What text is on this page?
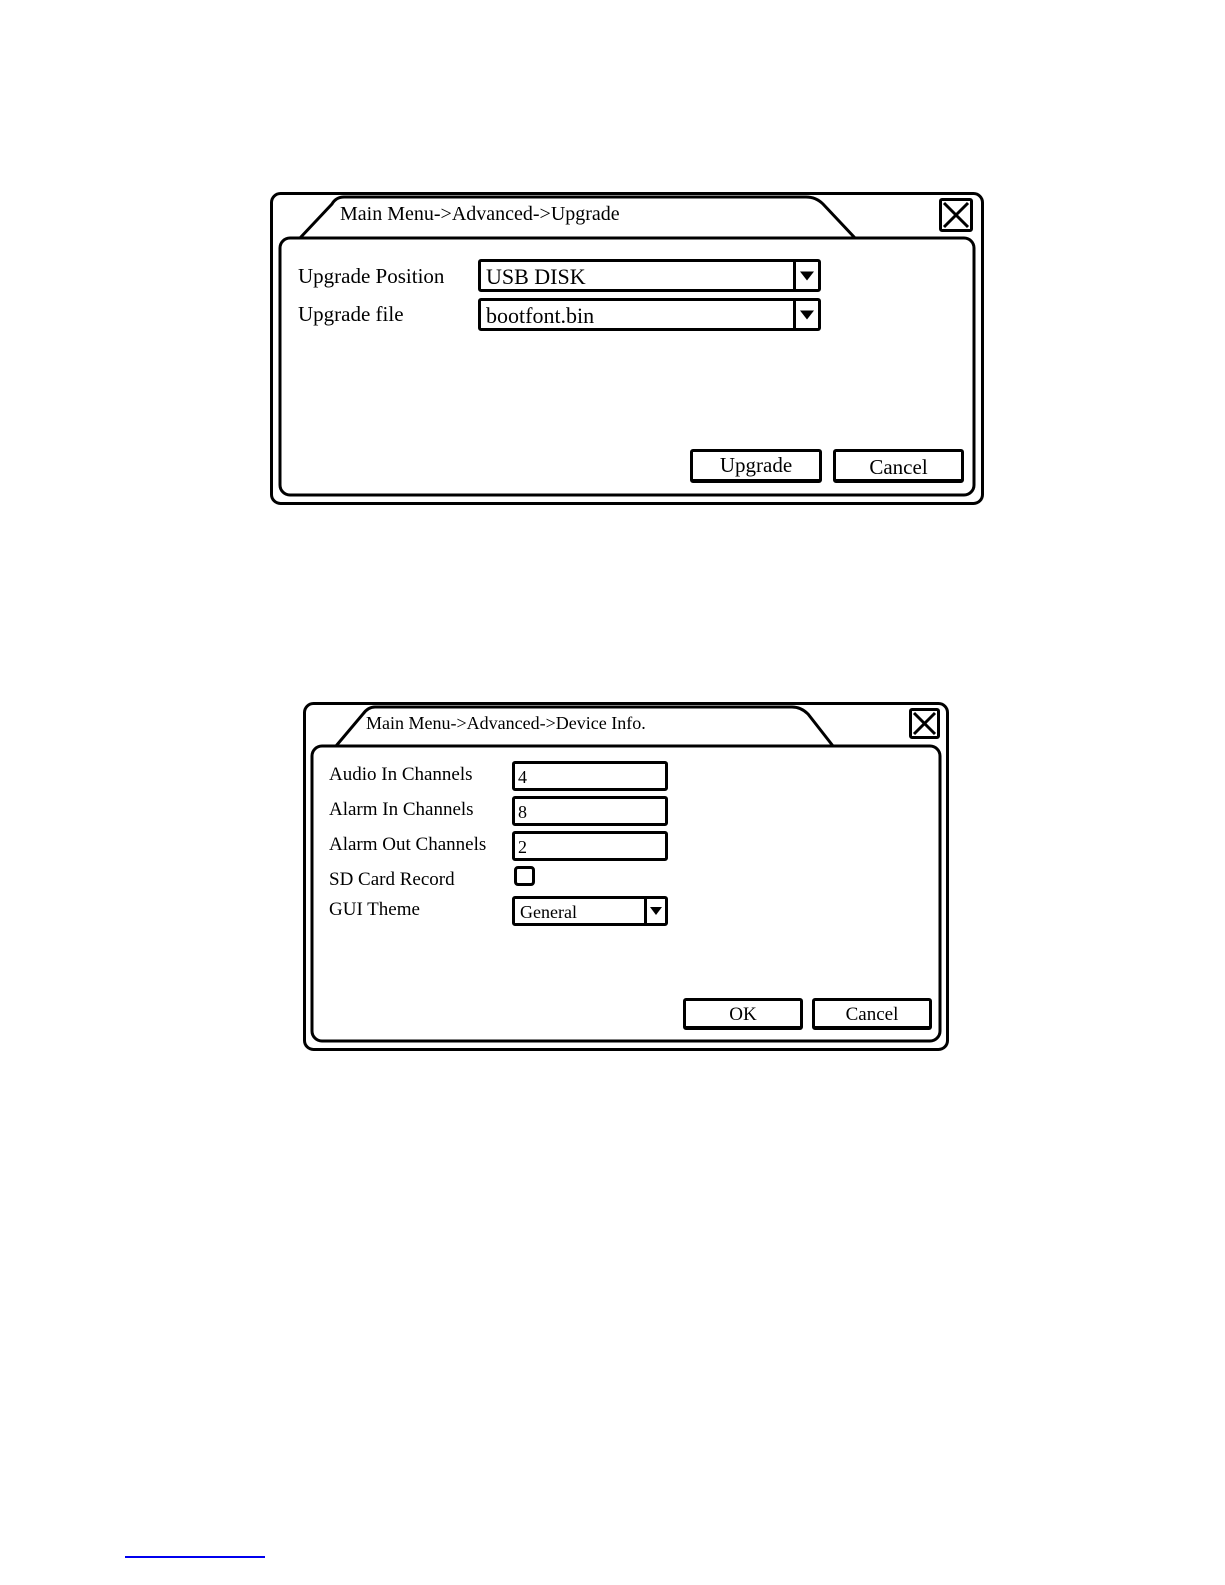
Main Menu->Advanced->Upgrade
Upgrade Position USB DISK
Upgrade file	bootfont.bin
Upgrade	Cancel
Main Menu->Advanced->Device Info.
Audio In Channels	4
Alarm In Channels 8
Alarm Out Channels 2
SD Card Record
GUI Theme	General
OK	Cancel
